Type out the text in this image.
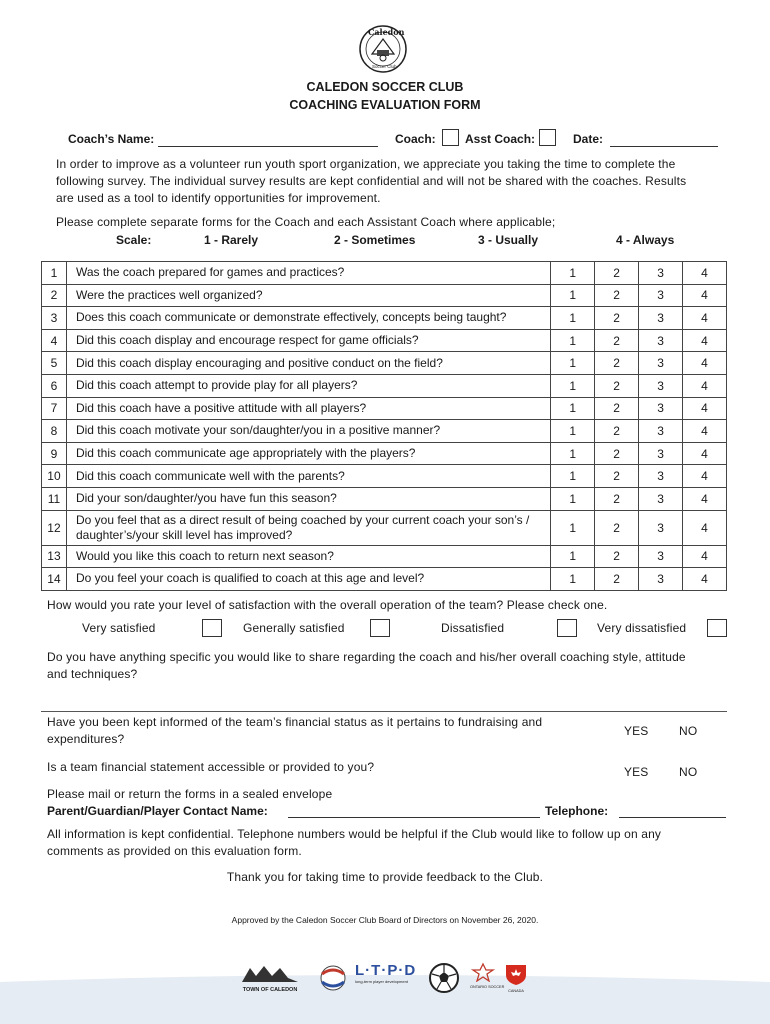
Caledon
Soccer Club
CALEDON SOCCER CLUB
COACHING EVALUATION FORM
Coach’s Name:	Coach: Asst Coach:	Date:
In order to improve as a volunteer run youth sport organization, we appreciate you taking the time to complete the
following survey. The individual survey results are kept confidential and will not be shared with the coaches. Results
are used as a tool to identify opportunities for improvement.
Please complete separate forms for the Coach and each Assistant Coach where applicable;
Scale:	1 - Rarely	2 - Sometimes	3 - Usually	4 - Always
1	Was the coach prepared for games and practices?	1	2	3	4
2	Were the practices well organized?	1	2	3	4
3	Does this coach communicate or demonstrate effectively, concepts being taught?	1	2	3	4
4	Did this coach display and encourage respect for game officials?	1	2	3	4
5	Did this coach display encouraging and positive conduct on the field?	1	2	3	4
6	Did this coach attempt to provide play for all players?	1	2	3	4
7	Did this coach have a positive attitude with all players?	1	2	3	4
8	Did this coach motivate your son/daughter/you in a positive manner?	1	2	3	4
9	Did this coach communicate age appropriately with the players?	1	2	3	4
10	Did this coach communicate well with the parents?	1	2	3	4
11	Did your son/daughter/you have fun this season?	1	2	3	4
12	Do you feel that as a direct result of being coached by your current coach your son’s / daughter’s/your skill level has improved?	1	2	3	4
13	Would you like this coach to return next season?	1	2	3	4
14	Do you feel your coach is qualified to coach at this age and level?	1	2	3	4
How would you rate your level of satisfaction with the overall operation of the team? Please check one.
Very satisfied	Generally satisfied	Dissatisfied	Very dissatisfied
Do you have anything specific you would like to share regarding the coach and his/her overall coaching style, attitude
and techniques?
Have you been kept informed of the team’s financial status as it pertains to fundraising and
expenditures?
YES	NO
Is a team financial statement accessible or provided to you?	YES	NO
Please mail or return the forms in a sealed envelope
Parent/Guardian/Player Contact Name:	Telephone:
All information is kept confidential. Telephone numbers would be helpful if the Club would like to follow up on any
comments as provided on this evaluation form.
Thank you for taking time to provide feedback to the Club.
Approved by the Caledon Soccer Club Board of Directors on November 26, 2020.
TOWN OF CALEDON
L·T·P·D
long-term player development
ONTARIO SOCCER
CANADA
